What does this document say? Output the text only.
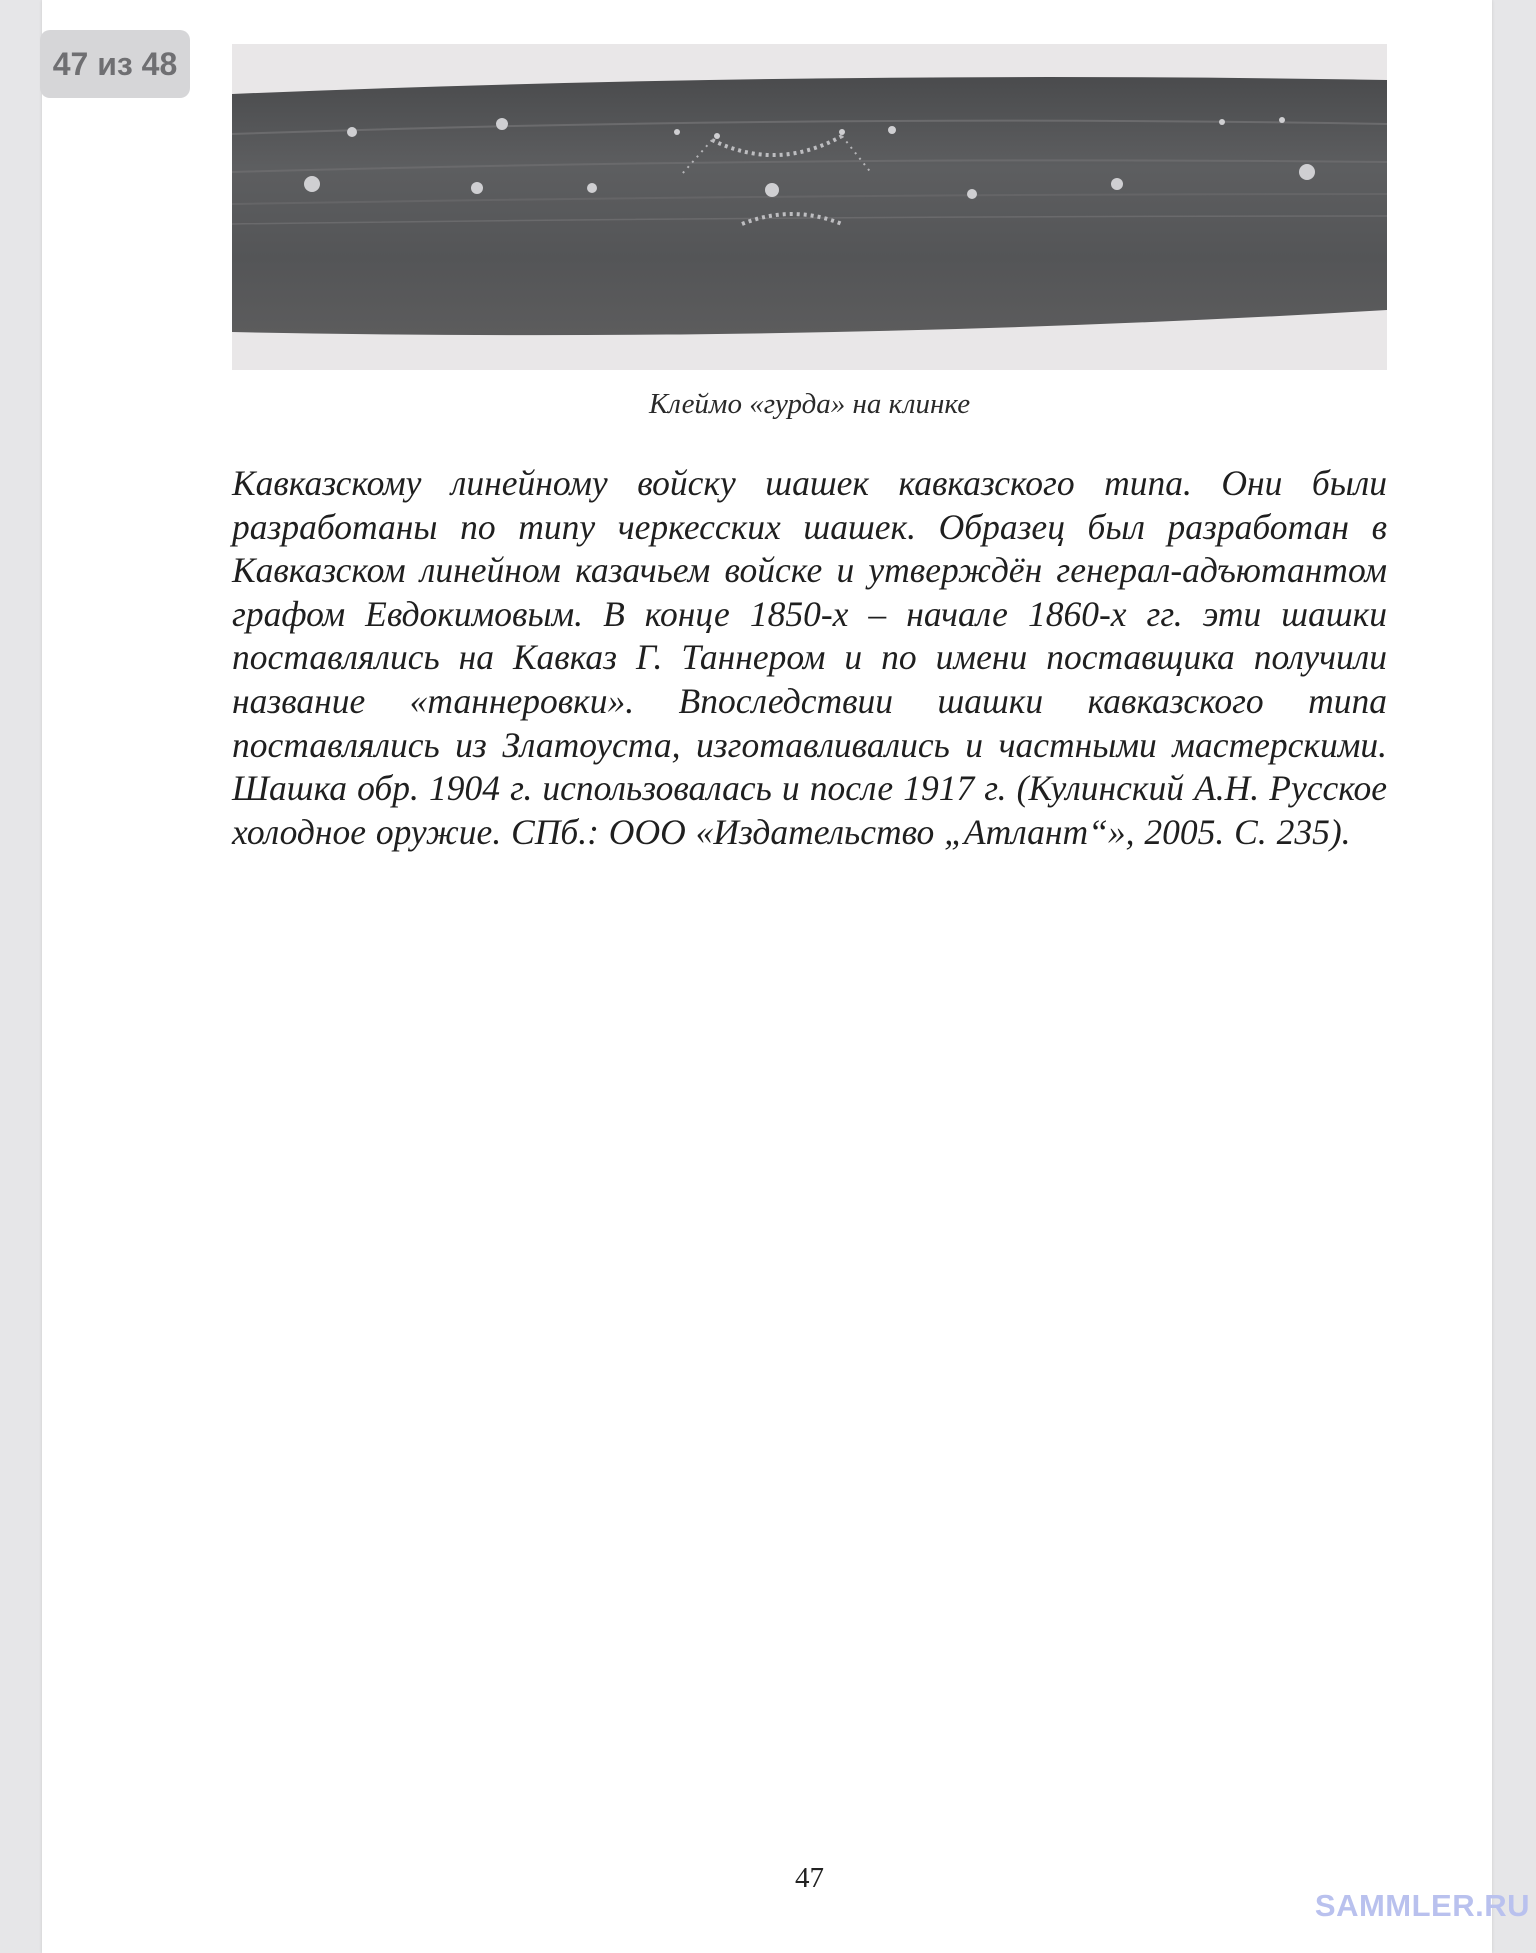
Клеймо «гурда» на клинке
Кавказскому линейному войску шашек кавказского типа. Они были разработаны по типу черкесских шашек. Образец был разработан в Кавказском линейном казачьем войске и утверждён генерал-адъютантом графом Евдокимовым. В конце 1850-х – начале 1860-х гг. эти шашки поставлялись на Кавказ Г. Таннером и по имени поставщика получили название «таннеровки». Впоследствии шашки кавказского типа поставлялись из Златоуста, изготавливались и частными мастерскими. Шашка обр. 1904 г. использовалась и после 1917 г. (Кулинский А.Н. Русское холодное оружие. СПб.: ООО «Издательство „Атлант“», 2005. С. 235).
47
47 из 48
SAMMLER.RU
